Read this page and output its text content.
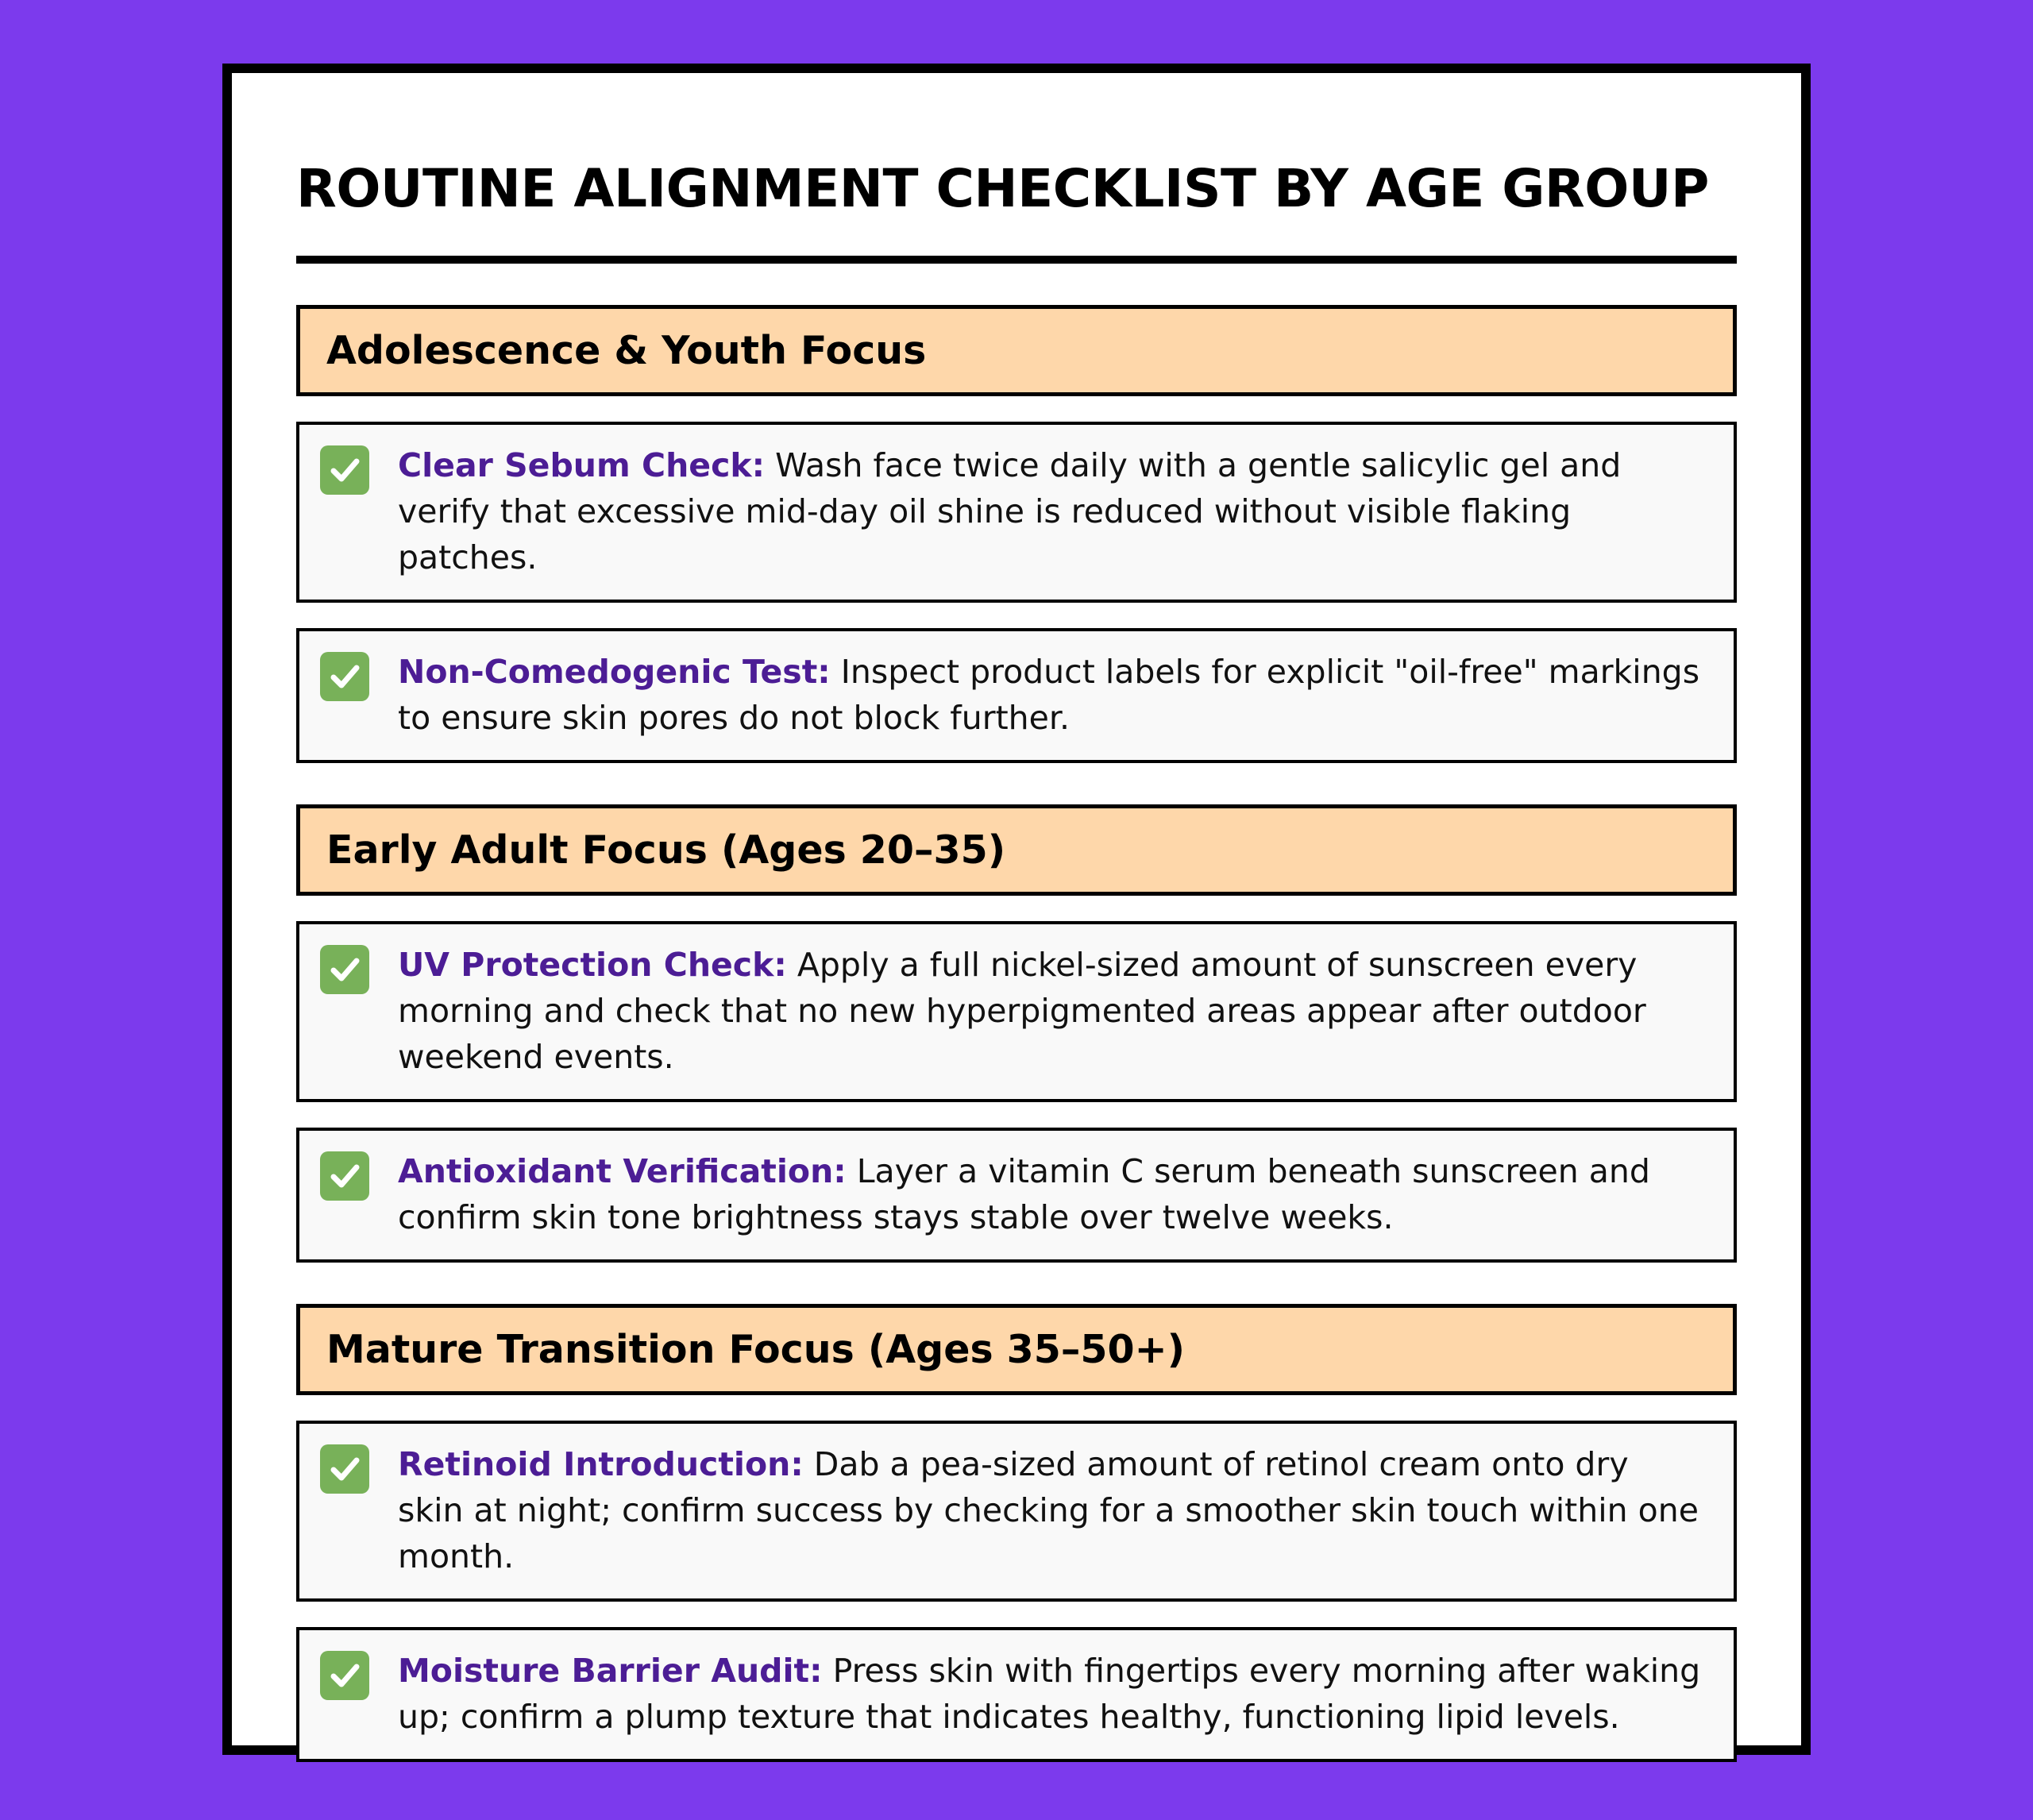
ROUTINE ALIGNMENT CHECKLIST BY AGE GROUP
Adolescence & Youth Focus
Clear Sebum Check: Wash face twice daily with a gentle salicylic gel and verify that excessive mid-day oil shine is reduced without visible flaking patches.
Non-Comedogenic Test: Inspect product labels for explicit "oil-free" markings to ensure skin pores do not block further.
Early Adult Focus (Ages 20–35)
UV Protection Check: Apply a full nickel-sized amount of sunscreen every morning and check that no new hyperpigmented areas appear after outdoor weekend events.
Antioxidant Verification: Layer a vitamin C serum beneath sunscreen and confirm skin tone brightness stays stable over twelve weeks.
Mature Transition Focus (Ages 35–50+)
Retinoid Introduction: Dab a pea-sized amount of retinol cream onto dry skin at night; confirm success by checking for a smoother skin touch within one month.
Moisture Barrier Audit: Press skin with fingertips every morning after waking up; confirm a plump texture that indicates healthy, functioning lipid levels.
